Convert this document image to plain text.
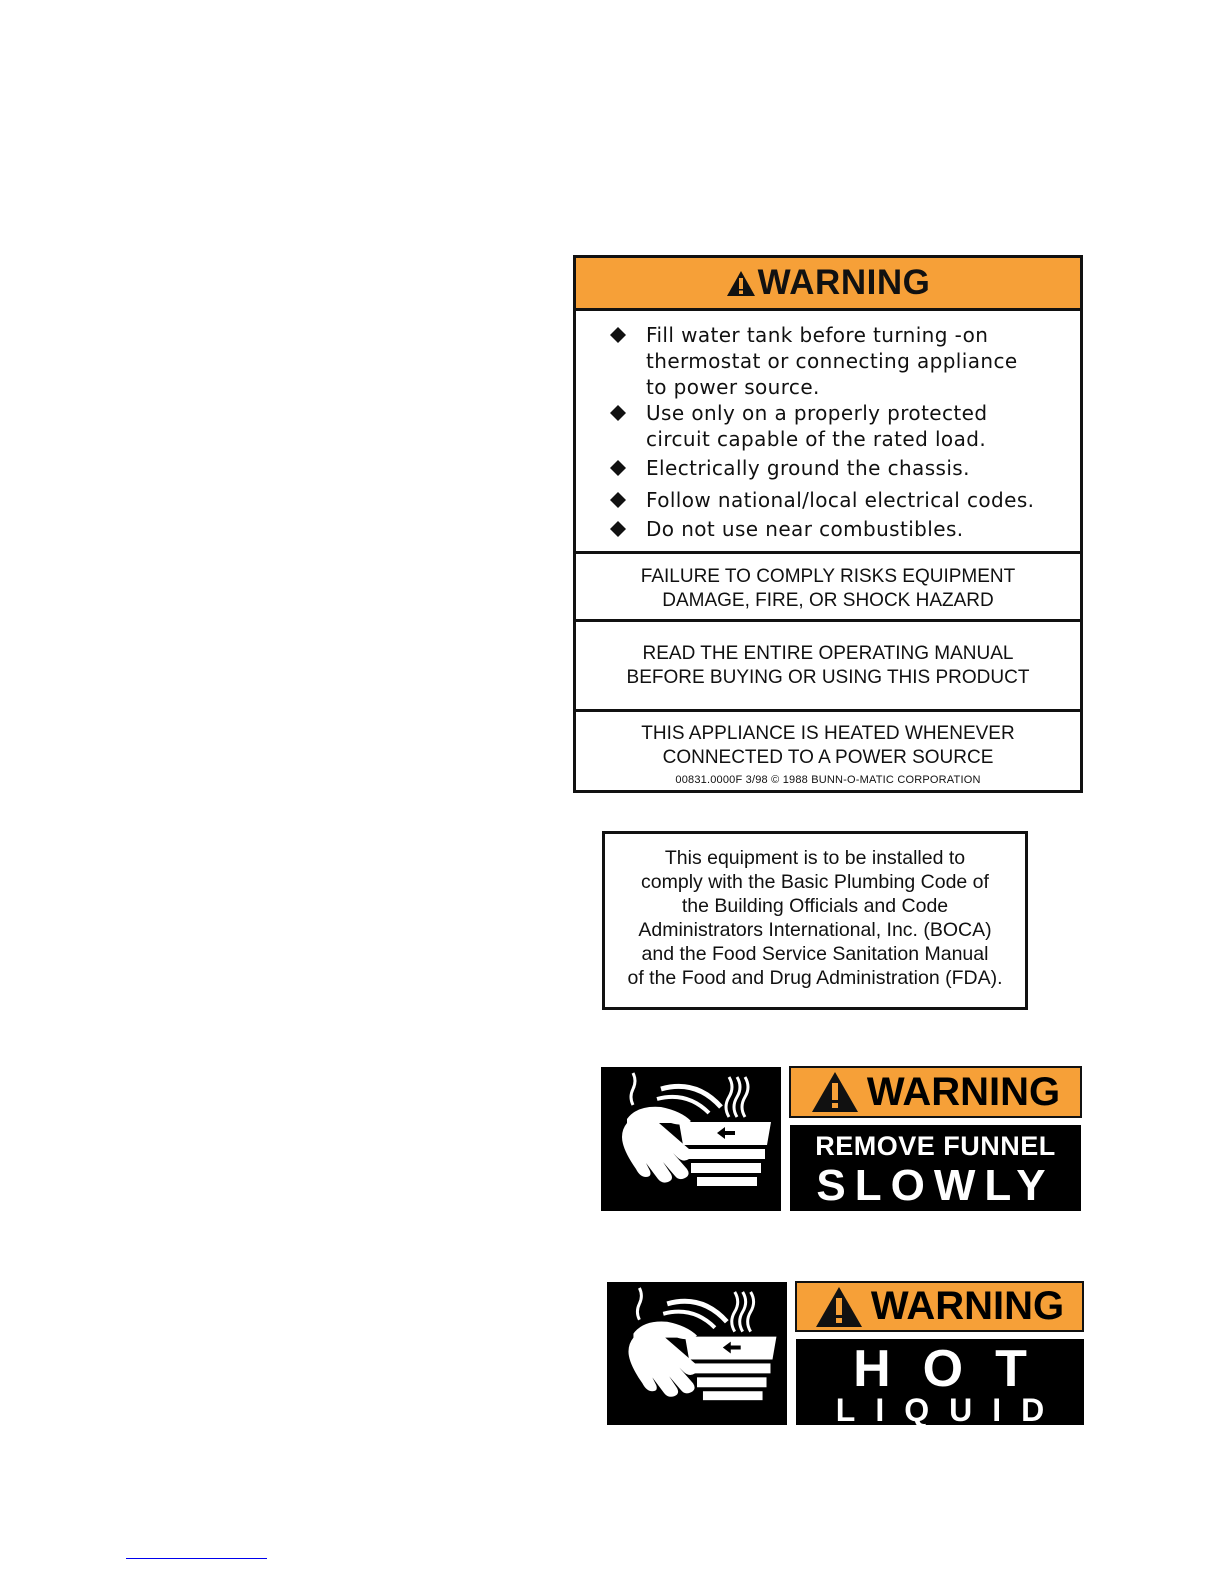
WARNING
Fill water tank before turning -on
thermostat or connecting appliance
to power source.
Use only on a properly protected
circuit capable of the rated load.
Electrically ground the chassis.
Follow national/local electrical codes.
Do not use near combustibles.
FAILURE TO COMPLY RISKS EQUIPMENT
DAMAGE, FIRE, OR SHOCK HAZARD
READ THE ENTIRE OPERATING MANUAL
BEFORE BUYING OR USING THIS PRODUCT
THIS APPLIANCE IS HEATED WHENEVER
CONNECTED TO A POWER SOURCE
00831.0000F 3/98 © 1988 BUNN-O-MATIC CORPORATION
This equipment is to be installed to
comply with the Basic Plumbing Code of
the Building Officials and Code
Administrators International, Inc. (BOCA)
and the Food Service Sanitation Manual
of the Food and Drug Administration (FDA).
WARNING
REMOVE FUNNEL
SLOWLY
WARNING
HOT
LIQUID
